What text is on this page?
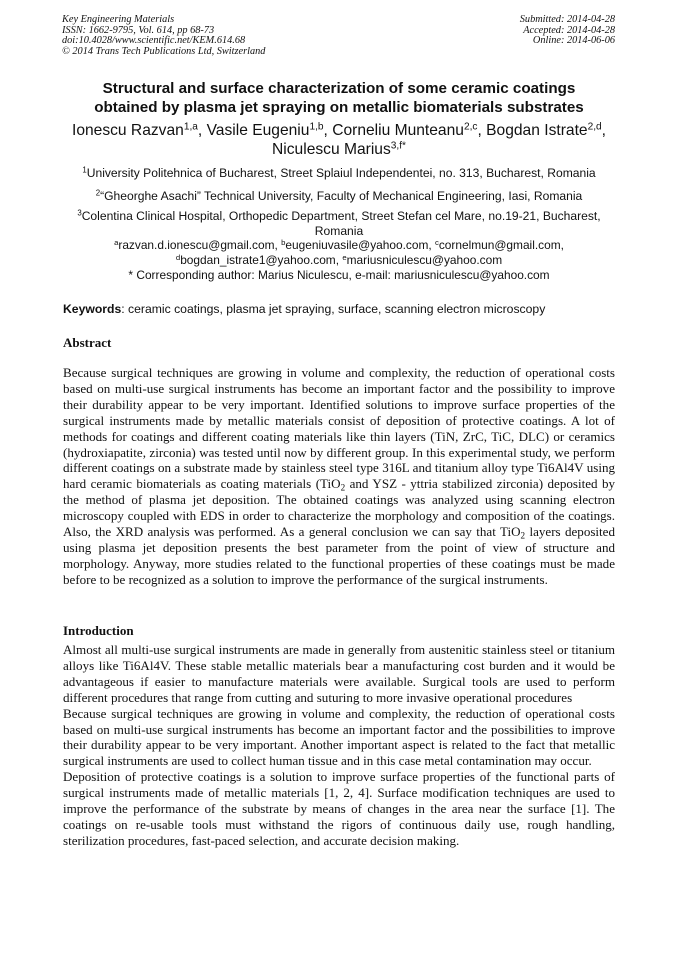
Key Engineering Materials
ISSN: 1662-9795, Vol. 614, pp 68-73
doi:10.4028/www.scientific.net/KEM.614.68
© 2014 Trans Tech Publications Ltd, Switzerland
Submitted: 2014-04-28
Accepted: 2014-04-28
Online: 2014-06-06
Structural and surface characterization of some ceramic coatings
obtained by plasma jet spraying on metallic biomaterials substrates
Ionescu Razvan$^{1,a}$, Vasile Eugeniu$^{1,b}$, Corneliu Munteanu$^{2,c}$, Bogdan Istrate$^{2,d}$,
Niculescu Marius$^{3,f*}$
$^1$University Politehnica of Bucharest, Street Splaiul Independentei, no. 313, Bucharest, Romania
$^2$“Gheorghe Asachi” Technical University, Faculty of Mechanical Engineering, Iasi, Romania
$^3$Colentina Clinical Hospital, Orthopedic Department, Street Stefan cel Mare, no.19-21, Bucharest,
Romania
$^a$razvan.d.ionescu@gmail.com, $^b$eugeniuvasile@yahoo.com, $^c$cornelmun@gmail.com,
$^d$bogdan_istrate1@yahoo.com, $^e$mariusniculescu@yahoo.com
* Corresponding author: Marius Niculescu, e-mail: mariusniculescu@yahoo.com
Keywords: ceramic coatings, plasma jet spraying, surface, scanning electron microscopy
Abstract

Because surgical techniques are growing in volume and complexity, the reduction of operational costs based on multi-use surgical instruments has become an important factor and the possibility to improve their durability appear to be very important. Identified solutions to improve surface properties of the surgical instruments made by metallic materials consist of deposition of protective coatings. A lot of methods for coatings and different coating materials like thin layers (TiN, ZrC, TiC, DLC) or ceramics (hydroxiapatite, zirconia) was tested until now by different group. In this experimental study, we perform different coatings on a substrate made by stainless steel type 316L and titanium alloy type Ti6Al4V using hard ceramic biomaterials as coating materials (TiO$_2$ and YSZ - yttria stabilized zirconia) deposited by the method of plasma jet deposition. The obtained coatings was analyzed using scanning electron microscopy coupled with EDS in order to characterize the morphology and composition of the coatings. Also, the XRD analysis was performed. As a general conclusion we can say that TiO$_2$ layers deposited using plasma jet deposition presents the best parameter from the point of view of structure and morphology. Anyway, more studies related to the functional properties of these coatings must be made before to be recognized as a solution to improve the performance of the surgical instruments.

Introduction

Almost all multi-use surgical instruments are made in generally from austenitic stainless steel or titanium alloys like Ti6Al4V. These stable metallic materials bear a manufacturing cost burden and it would be advantageous if easier to manufacture materials were available. Surgical tools are used to perform different procedures that range from cutting and suturing to more invasive operational procedures

Because surgical techniques are growing in volume and complexity, the reduction of operational costs based on multi-use surgical instruments has become an important factor and the possibilities to improve their durability appear to be very important. Another important aspect is related to the fact that metallic surgical instruments are used to collect human tissue and in this case metal contamination may occur.

Deposition of protective coatings is a solution to improve surface properties of the functional parts of surgical instruments made of metallic materials [1, 2, 4]. Surface modification techniques are used to improve the performance of the substrate by means of changes in the area near the surface [1]. The coatings on re-usable tools must withstand the rigors of continuous daily use, rough handling, sterilization procedures, fast-paced selection, and accurate decision making.
